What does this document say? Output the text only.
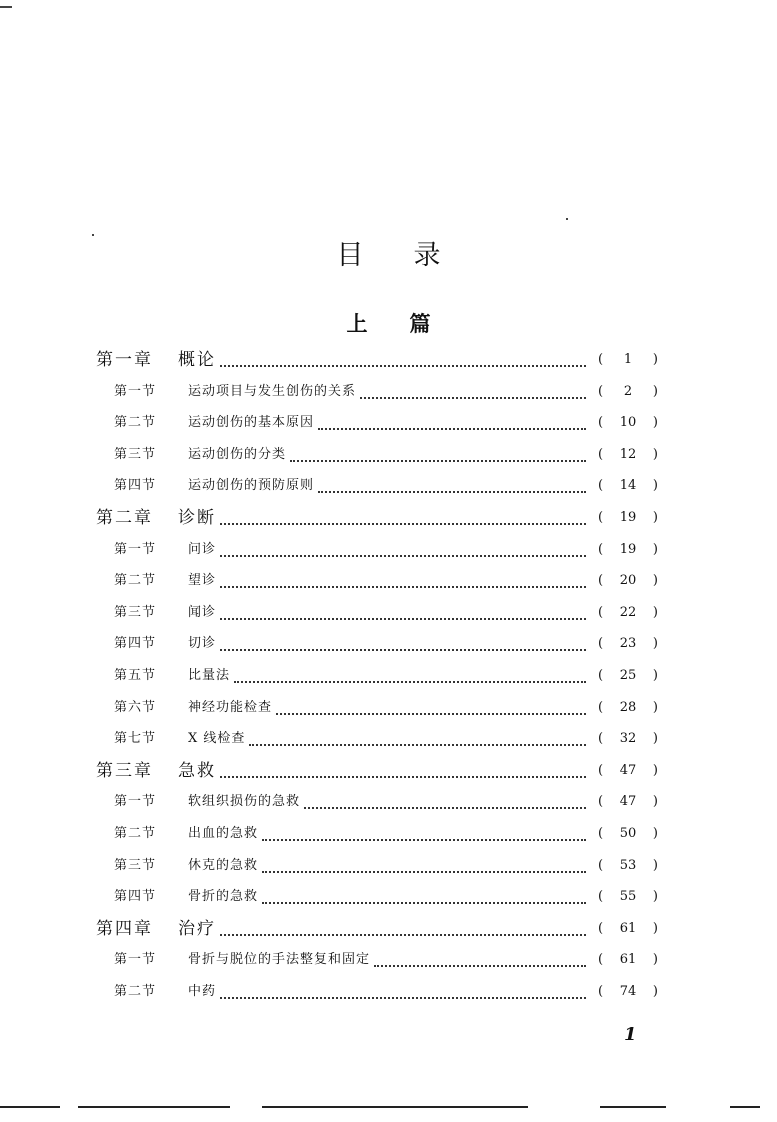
目录
上篇
第一章 概论	( 1 )
第一节 运动项目与发生创伤的关系	( 2 )
第二节 运动创伤的基本原因	( 10 )
第三节 运动创伤的分类	( 12 )
第四节 运动创伤的预防原则	( 14 )
第二章 诊断	( 19 )
第一节 问诊	( 19 )
第二节 望诊	( 20 )
第三节 闻诊	( 22 )
第四节 切诊	( 23 )
第五节 比量法	( 25 )
第六节 神经功能检查	( 28 )
第七节 X 线检查	( 32 )
第三章 急救	( 47 )
第一节 软组织损伤的急救	( 47 )
第二节 出血的急救	( 50 )
第三节 休克的急救	( 53 )
第四节 骨折的急救	( 55 )
第四章 治疗	( 61 )
第一节 骨折与脱位的手法整复和固定	( 61 )
第二节 中药	( 74 )
1
